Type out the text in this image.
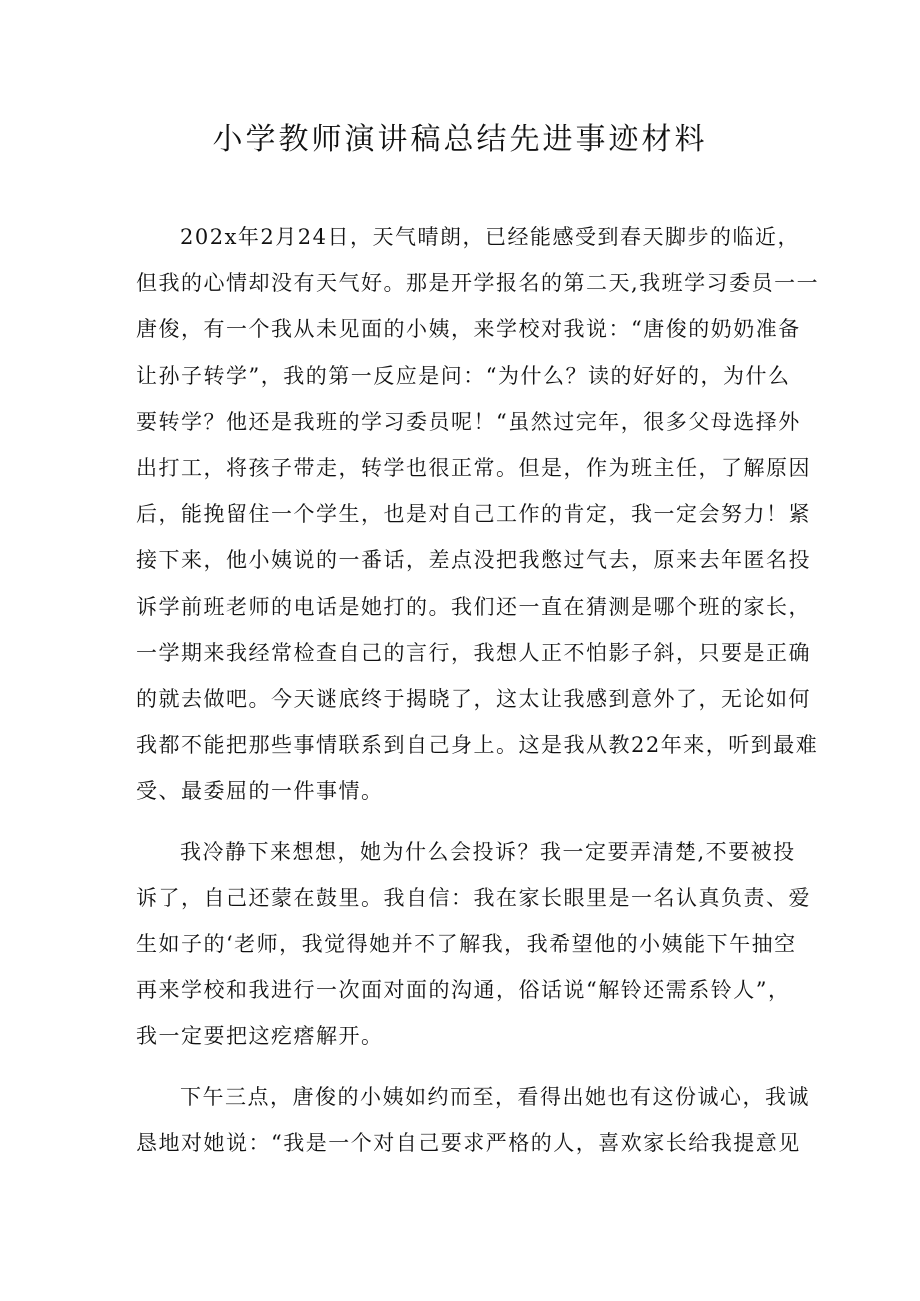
小学教师演讲稿总结先进事迹材料
202x年2月24日，天气晴朗，已经能感受到春天脚步的临近，
但我的心情却没有天气好。那是开学报名的第二天,我班学习委员一一
唐俊，有一个我从未见面的小姨，来学校对我说：“唐俊的奶奶准备
让孙子转学”，我的第一反应是问：“为什么？读的好好的，为什么
要转学？他还是我班的学习委员呢！“虽然过完年，很多父母选择外
出打工，将孩子带走，转学也很正常。但是，作为班主任，了解原因
后，能挽留住一个学生，也是对自己工作的肯定，我一定会努力！紧
接下来，他小姨说的一番话，差点没把我憋过气去，原来去年匿名投
诉学前班老师的电话是她打的。我们还一直在猜测是哪个班的家长，
一学期来我经常检查自己的言行，我想人正不怕影子斜，只要是正确
的就去做吧。今天谜底终于揭晓了，这太让我感到意外了，无论如何
我都不能把那些事情联系到自己身上。这是我从教22年来，听到最难
受、最委屈的一件事情。
我冷静下来想想，她为什么会投诉？我一定要弄清楚,不要被投
诉了，自己还蒙在鼓里。我自信：我在家长眼里是一名认真负责、爱
生如子的‘老师，我觉得她并不了解我，我希望他的小姨能下午抽空
再来学校和我进行一次面对面的沟通，俗话说“解铃还需系铃人”，
我一定要把这疙瘩解开。
下午三点，唐俊的小姨如约而至，看得出她也有这份诚心，我诚
恳地对她说：“我是一个对自己要求严格的人，喜欢家长给我提意见
